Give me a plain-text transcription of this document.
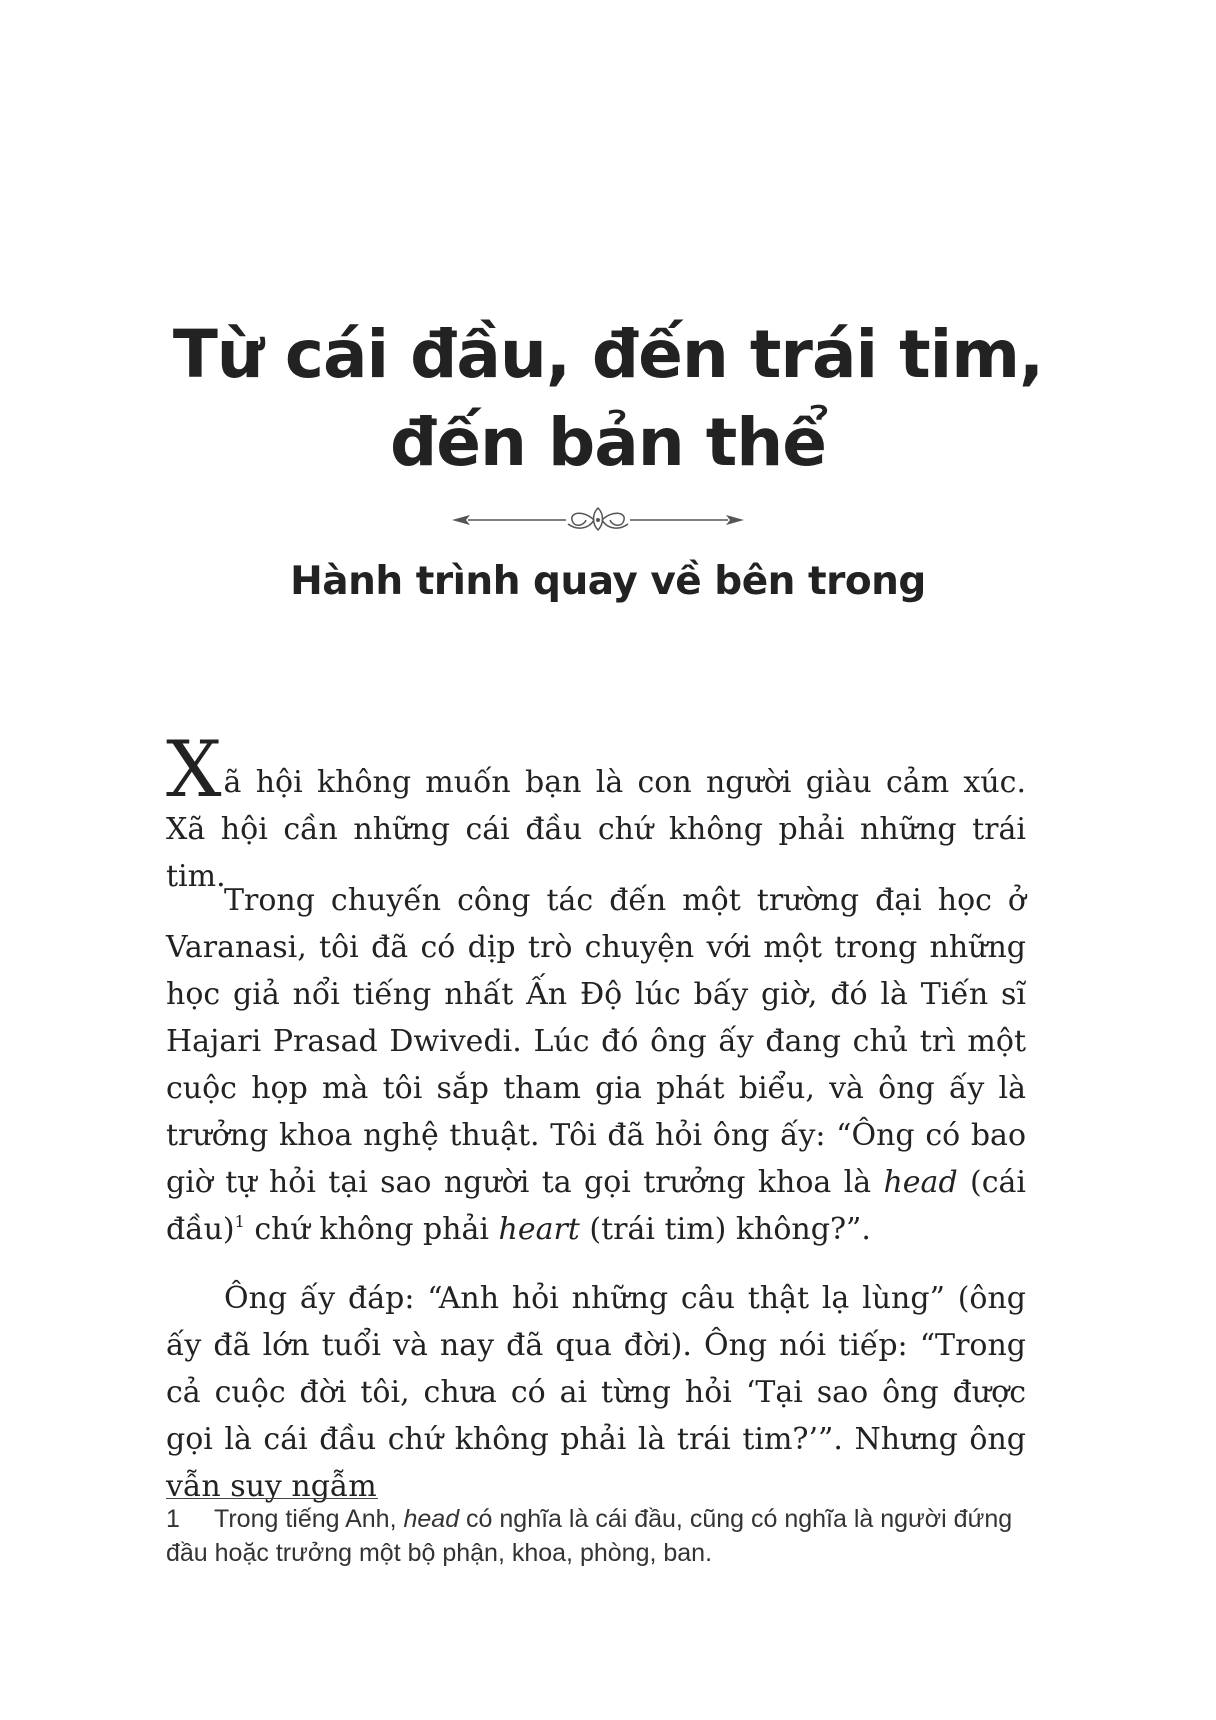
Từ cái đầu, đến trái tim,
đến bản thể
Hành trình quay về bên trong

Xã hội không muốn bạn là con người giàu cảm xúc. Xã hội cần những cái đầu chứ không phải những trái tim.

Trong chuyến công tác đến một trường đại học ở Varanasi, tôi đã có dịp trò chuyện với một trong những học giả nổi tiếng nhất Ấn Độ lúc bấy giờ, đó là Tiến sĩ Hajari Prasad Dwivedi. Lúc đó ông ấy đang chủ trì một cuộc họp mà tôi sắp tham gia phát biểu, và ông ấy là trưởng khoa nghệ thuật. Tôi đã hỏi ông ấy: “Ông có bao giờ tự hỏi tại sao người ta gọi trưởng khoa là head (cái đầu)$^1$ chứ không phải heart (trái tim) không?”.

Ông ấy đáp: “Anh hỏi những câu thật lạ lùng” (ông ấy đã lớn tuổi và nay đã qua đời). Ông nói tiếp: “Trong cả cuộc đời tôi, chưa có ai từng hỏi ‘Tại sao ông được gọi là cái đầu chứ không phải là trái tim?’”. Nhưng ông vẫn suy ngẫm

1 Trong tiếng Anh, head có nghĩa là cái đầu, cũng có nghĩa là người đứng đầu hoặc trưởng một bộ phận, khoa, phòng, ban.
